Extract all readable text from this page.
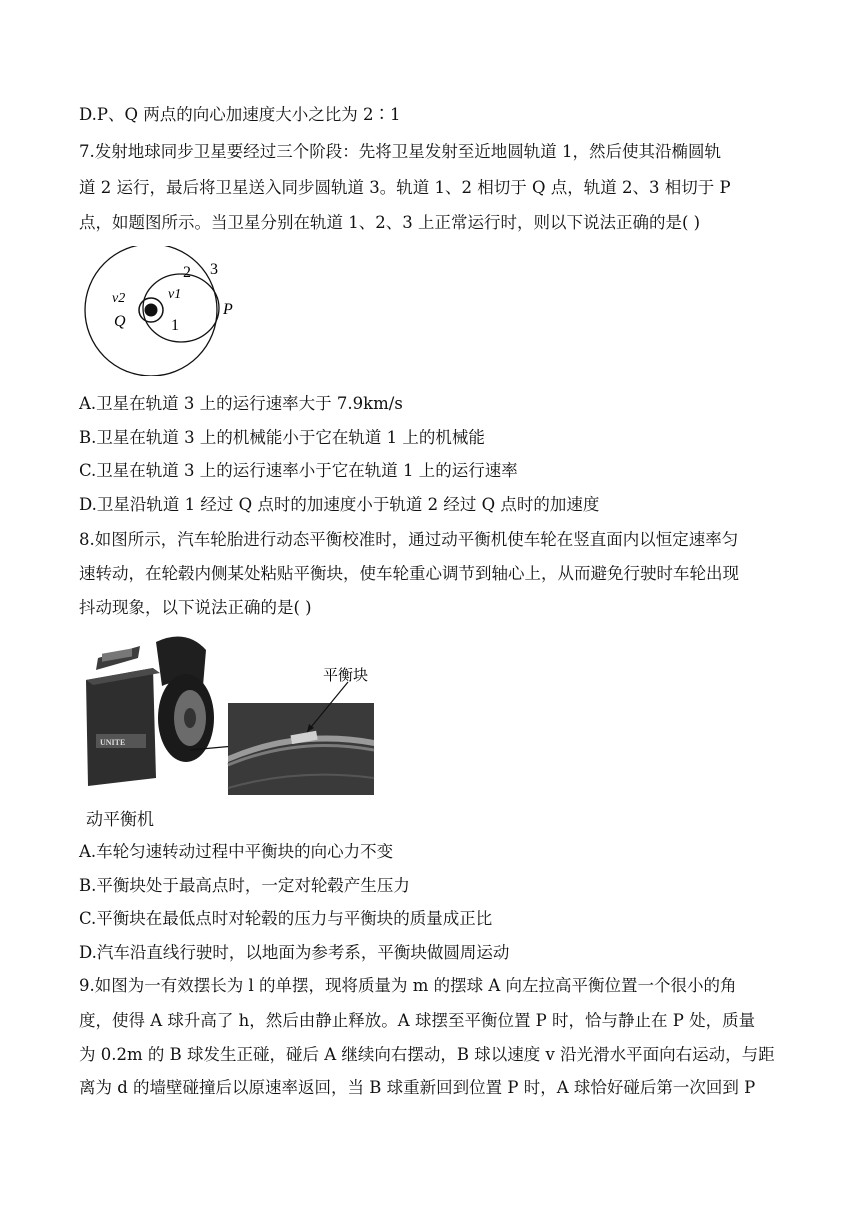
D.P、Q 两点的向心加速度大小之比为 2∶1
7.发射地球同步卫星要经过三个阶段：先将卫星发射至近地圆轨道 1，然后使其沿椭圆轨
道 2 运行，最后将卫星送入同步圆轨道 3。轨道 1、2 相切于 Q 点，轨道 2、3 相切于 P
点，如题图所示。当卫星分别在轨道 1、2、3 上正常运行时，则以下说法正确的是( )
2 3
v1
v2
Q	1
P
A.卫星在轨道 3 上的运行速率大于 7.9km/s
B.卫星在轨道 3 上的机械能小于它在轨道 1 上的机械能
C.卫星在轨道 3 上的运行速率小于它在轨道 1 上的运行速率
D.卫星沿轨道 1 经过 Q 点时的加速度小于轨道 2 经过 Q 点时的加速度
8.如图所示，汽车轮胎进行动态平衡校准时，通过动平衡机使车轮在竖直面内以恒定速率匀
速转动，在轮毂内侧某处粘贴平衡块，使车轮重心调节到轴心上，从而避免行驶时车轮出现
抖动现象，以下说法正确的是( )
UNITE
平衡块
动平衡机
A.车轮匀速转动过程中平衡块的向心力不变
B.平衡块处于最高点时，一定对轮毂产生压力
C.平衡块在最低点时对轮毂的压力与平衡块的质量成正比
D.汽车沿直线行驶时，以地面为参考系，平衡块做圆周运动
9.如图为一有效摆长为 l 的单摆，现将质量为 m 的摆球 A 向左拉高平衡位置一个很小的角
度，使得 A 球升高了 h，然后由静止释放。A 球摆至平衡位置 P 时，恰与静止在 P 处，质量
为 0.2m 的 B 球发生正碰，碰后 A 继续向右摆动，B 球以速度 v 沿光滑水平面向右运动，与距
离为 d 的墙壁碰撞后以原速率返回，当 B 球重新回到位置 P 时，A 球恰好碰后第一次回到 P
